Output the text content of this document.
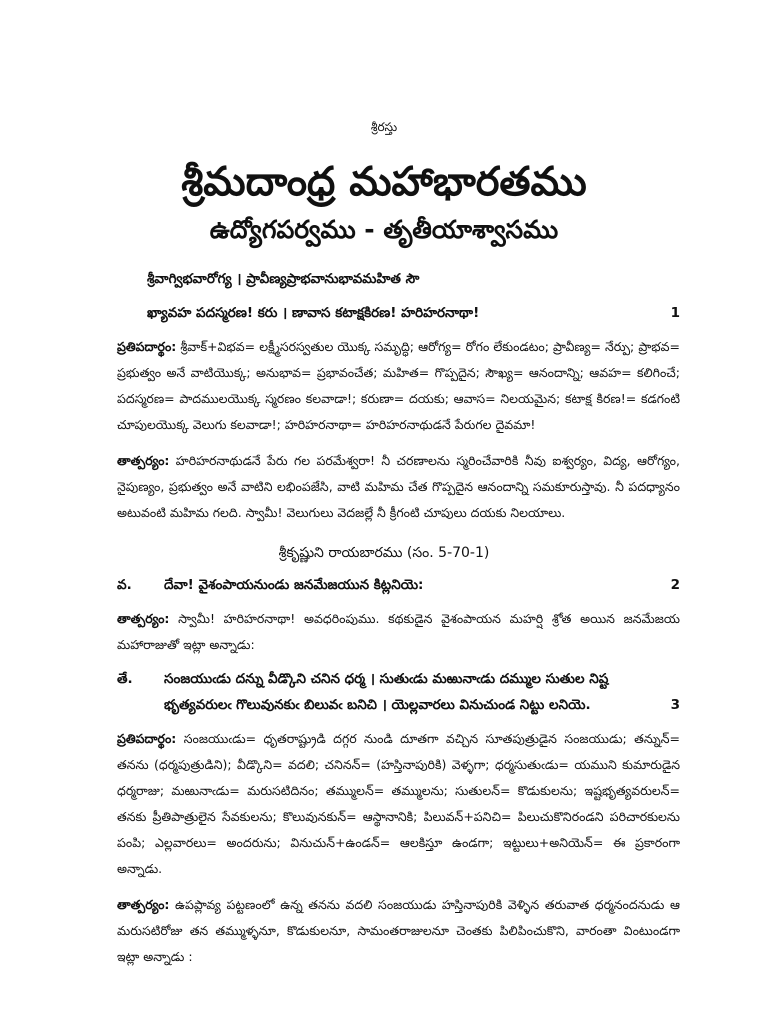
శ్రీరస్తు
శ్రీమదాంధ్ర మహాభారతము
ఉద్యోగపర్వము - తృతీయాశ్వాసము
శ్రీవాగ్విభవారోగ్య । ప్రావీణ్యప్రాభవానుభావమహిత సౌ
ఖ్యావహ పదస్మరణ! కరు । ణావాస కటాక్షకిరణ! హరిహరనాథా!	1
ప్రతిపదార్థం: శ్రీవాక్+విభవ= లక్ష్మీసరస్వతుల యొక్క సమృద్ధి; ఆరోగ్య= రోగం లేకుండటం; ప్రావీణ్య= నేర్పు; ప్రాభవ= ప్రభుత్వం అనే వాటియొక్క; అనుభావ= ప్రభావంచేత; మహిత= గొప్పదైన; సౌఖ్య= ఆనందాన్ని; ఆవహ= కలిగించే; పదస్మరణ= పాదములయొక్క స్మరణం కలవాడా!; కరుణా= దయకు; ఆవాస= నిలయమైన; కటాక్ష కిరణ!= కడగంటి చూపులయొక్క వెలుగు కలవాడా!; హరిహరనాథా= హరిహరనాథుడనే పేరుగల దైవమా!
తాత్పర్యం: హరిహరనాథుడనే పేరు గల పరమేశ్వరా! నీ చరణాలను స్మరించేవారికి నీవు ఐశ్వర్యం, విద్య, ఆరోగ్యం, నైపుణ్యం, ప్రభుత్వం అనే వాటిని లభింపజేసి, వాటి మహిమ చేత గొప్పదైన ఆనందాన్ని సమకూరుస్తావు. నీ పదధ్యానం అటువంటి మహిమ గలది. స్వామీ! వెలుగులు వెదజల్లే నీ క్రీగంటి చూపులు దయకు నిలయాలు.
శ్రీకృష్ణుని రాయబారము (సం. 5-70-1)
వ.	దేవా! వైశంపాయనుండు జనమేజయున కిట్లనియె:	2
తాత్పర్యం: స్వామీ! హరిహరనాథా! అవధరింపుము. కథకుడైన వైశంపాయన మహర్షి శ్రోత అయిన జనమేజయ మహారాజుతో ఇట్లా అన్నాడు:
తే.	సంజయుఁడు దన్ను వీడ్కొని చనిన ధర్మ । సుతుఁడు మఱునాఁడు దమ్ముల సుతుల నిష్ట
భృత్యవరులఁ గొలువునకుఁ బిలువఁ బనిచి । యెల్లవారలు వినుచుండ నిట్టు లనియె.	3
ప్రతిపదార్థం: సంజయుఁడు= ధృతరాష్ట్రుడి దగ్గర నుండి దూతగా వచ్చిన సూతపుత్రుడైన సంజయుడు; తన్నున్= తనను (ధర్మపుత్రుడిని); వీడ్కొని= వదలి; చనినన్= (హస్తినాపురికి) వెళ్ళగా; ధర్మసుతుఁడు= యముని కుమారుడైన ధర్మరాజు; మఱునాఁడు= మరుసటిదినం; తమ్ములన్= తమ్ములను; సుతులన్= కొడుకులను; ఇష్టభృత్యవరులన్= తనకు ప్రీతిపాత్రులైన సేవకులను; కొలువునకున్= ఆస్థానానికి; పిలువన్+పనిచి= పిలుచుకొనిరండని పరిచారకులను పంపి; ఎల్లవారలు= అందరును; వినుచున్+ఉండన్= ఆలకిస్తూ ఉండగా; ఇట్టులు+అనియెన్= ఈ ప్రకారంగా అన్నాడు.
తాత్పర్యం: ఉపప్లావ్య పట్టణంలో ఉన్న తనను వదలి సంజయుడు హస్తినాపురికి వెళ్ళిన తరువాత ధర్మనందనుడు ఆ మరుసటిరోజు తన తమ్ముళ్ళనూ, కొడుకులనూ, సామంతరాజులనూ చెంతకు పిలిపించుకొని, వారంతా వింటుండగా ఇట్లా అన్నాడు :
